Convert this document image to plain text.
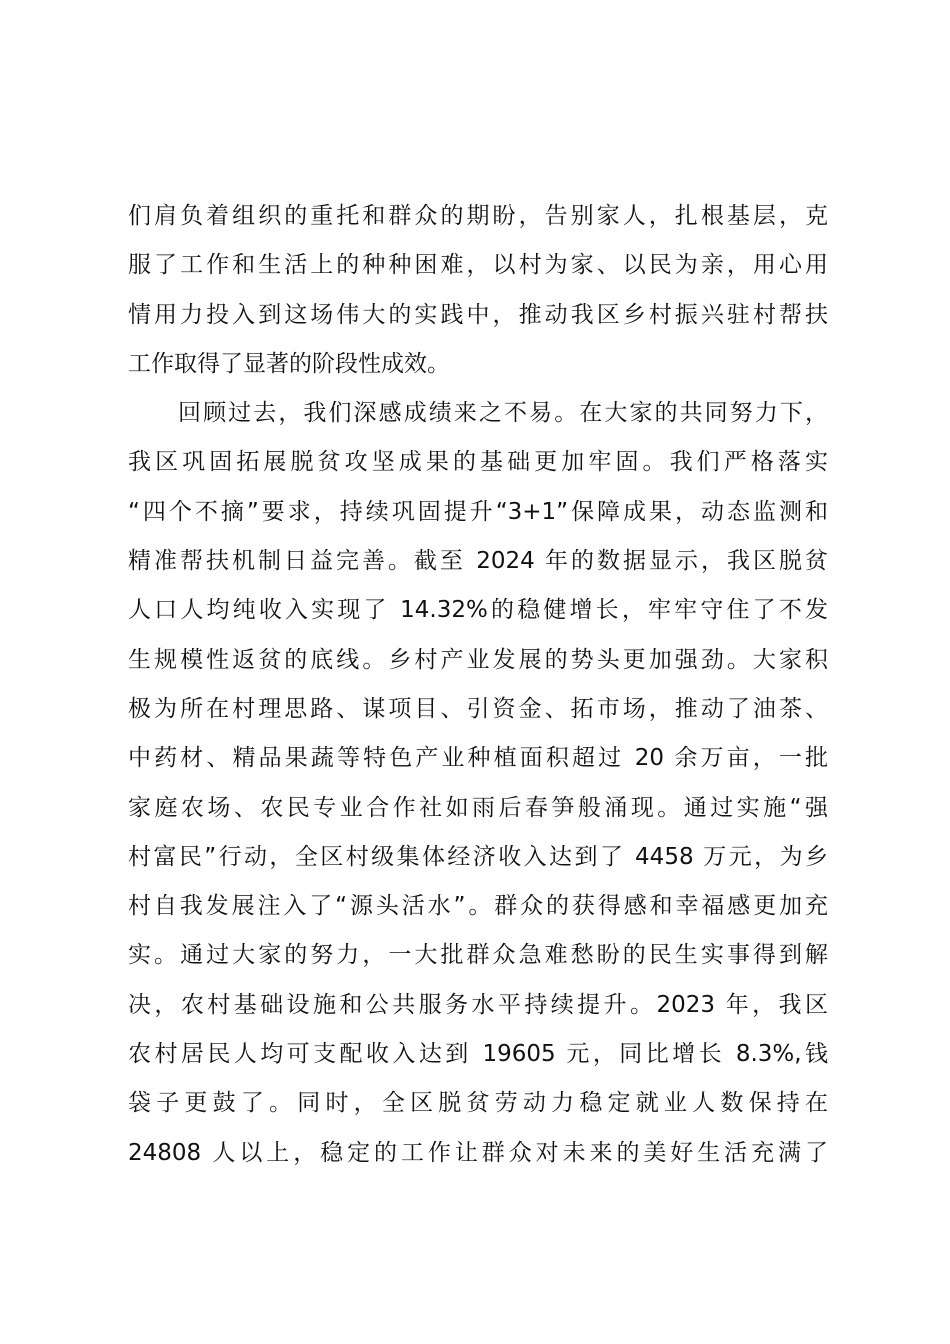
们肩负着组织的重托和群众的期盼，告别家人，扎根基层，克
服了工作和生活上的种种困难，以村为家、以民为亲，用心用
情用力投入到这场伟大的实践中，推动我区乡村振兴驻村帮扶
工作取得了显著的阶段性成效。
回顾过去，我们深感成绩来之不易。在大家的共同努力下，
我区巩固拓展脱贫攻坚成果的基础更加牢固。我们严格落实
“四个不摘”要求，持续巩固提升“3+1”保障成果，动态监测和
精准帮扶机制日益完善。截至 2024 年的数据显示，我区脱贫
人口人均纯收入实现了 14.32%的稳健增长，牢牢守住了不发
生规模性返贫的底线。乡村产业发展的势头更加强劲。大家积
极为所在村理思路、谋项目、引资金、拓市场，推动了油茶、
中药材、精品果蔬等特色产业种植面积超过 20 余万亩，一批
家庭农场、农民专业合作社如雨后春笋般涌现。通过实施“强
村富民”行动，全区村级集体经济收入达到了 4458 万元，为乡
村自我发展注入了“源头活水”。群众的获得感和幸福感更加充
实。通过大家的努力，一大批群众急难愁盼的民生实事得到解
决，农村基础设施和公共服务水平持续提升。2023 年，我区
农村居民人均可支配收入达到 19605 元，同比增长 8.3%,钱
袋子更鼓了。同时，全区脱贫劳动力稳定就业人数保持在
24808 人以上，稳定的工作让群众对未来的美好生活充满了
